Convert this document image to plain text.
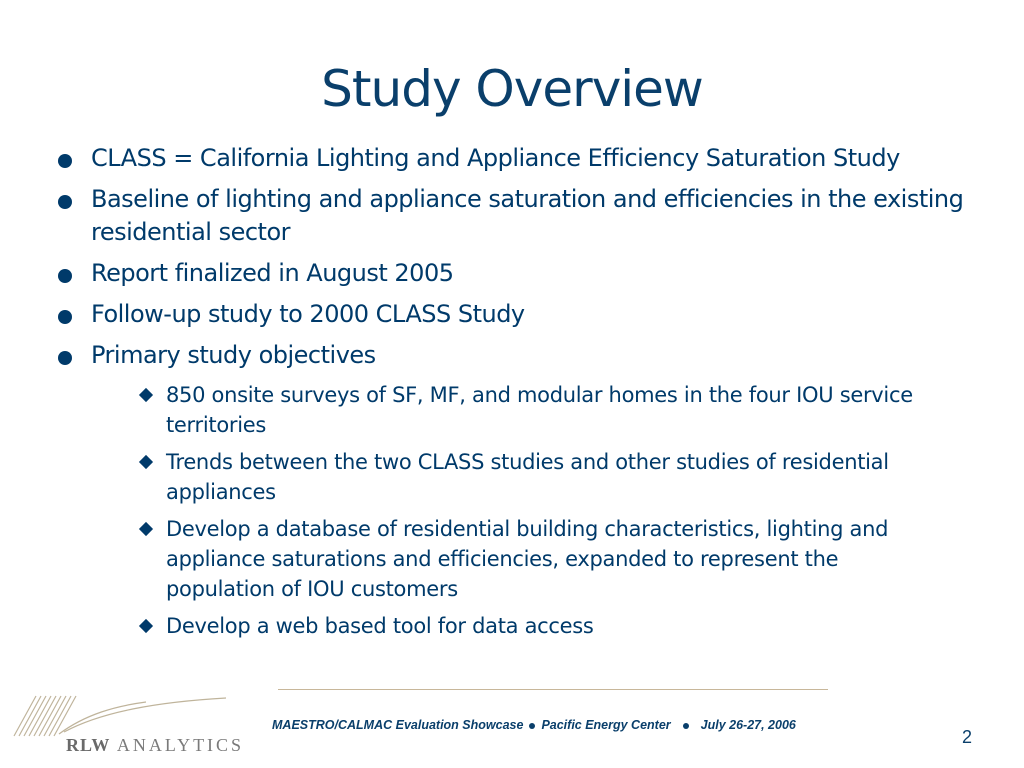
Study Overview
CLASS = California Lighting and Appliance Efficiency Saturation Study
Baseline of lighting and appliance saturation and efficiencies in the existing residential sector
Report finalized in August 2005
Follow-up study to 2000 CLASS Study
Primary study objectives
850 onsite surveys of SF, MF, and modular homes in the four IOU service territories
Trends between the two CLASS studies and other studies of residential appliances
Develop a database of residential building characteristics, lighting and appliance saturations and efficiencies, expanded to represent the population of IOU customers
Develop a web based tool for data access
RLW ANALYTICS
MAESTRO/CALMAC Evaluation Showcase Pacific Energy Center July 26-27, 2006
2
